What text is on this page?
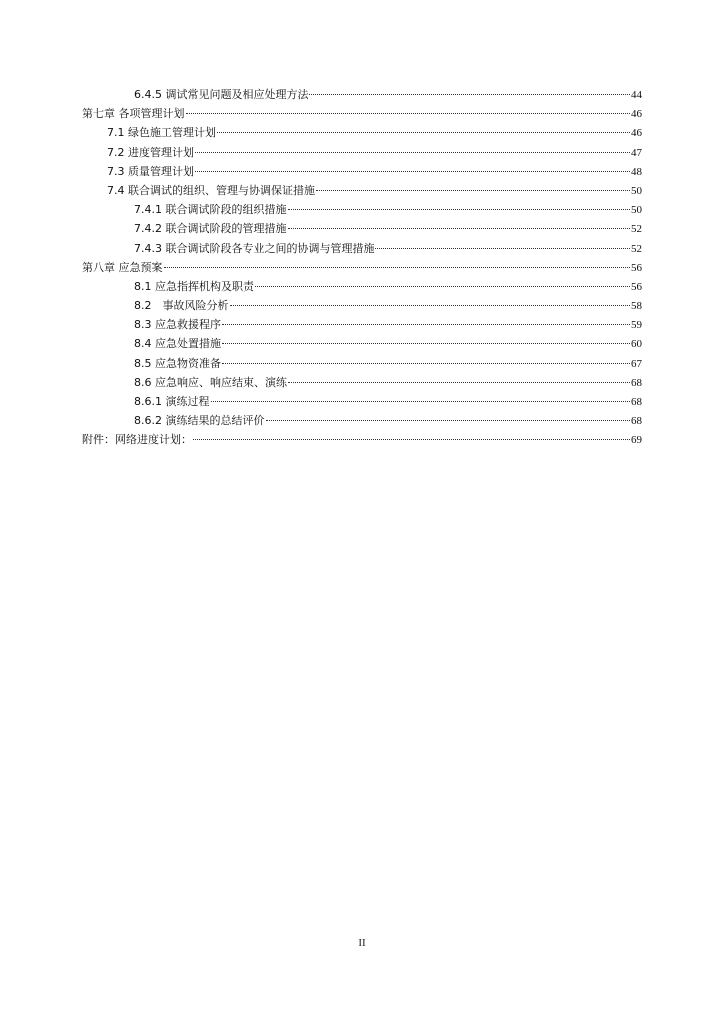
6.4.5 调试常见问题及相应处理方法	44
第七章 各项管理计划	46
7.1 绿色施工管理计划	46
7.2 进度管理计划	47
7.3 质量管理计划	48
7.4 联合调试的组织、管理与协调保证措施	50
7.4.1 联合调试阶段的组织措施	50
7.4.2 联合调试阶段的管理措施	52
7.4.3 联合调试阶段各专业之间的协调与管理措施	52
第八章 应急预案	56
8.1 应急指挥机构及职责	56
8.2　事故风险分析	58
8.3 应急救援程序	59
8.4 应急处置措施	60
8.5 应急物资准备	67
8.6 应急响应、响应结束、演练	68
8.6.1 演练过程	68
8.6.2 演练结果的总结评价	68
附件：网络进度计划：	69
II
